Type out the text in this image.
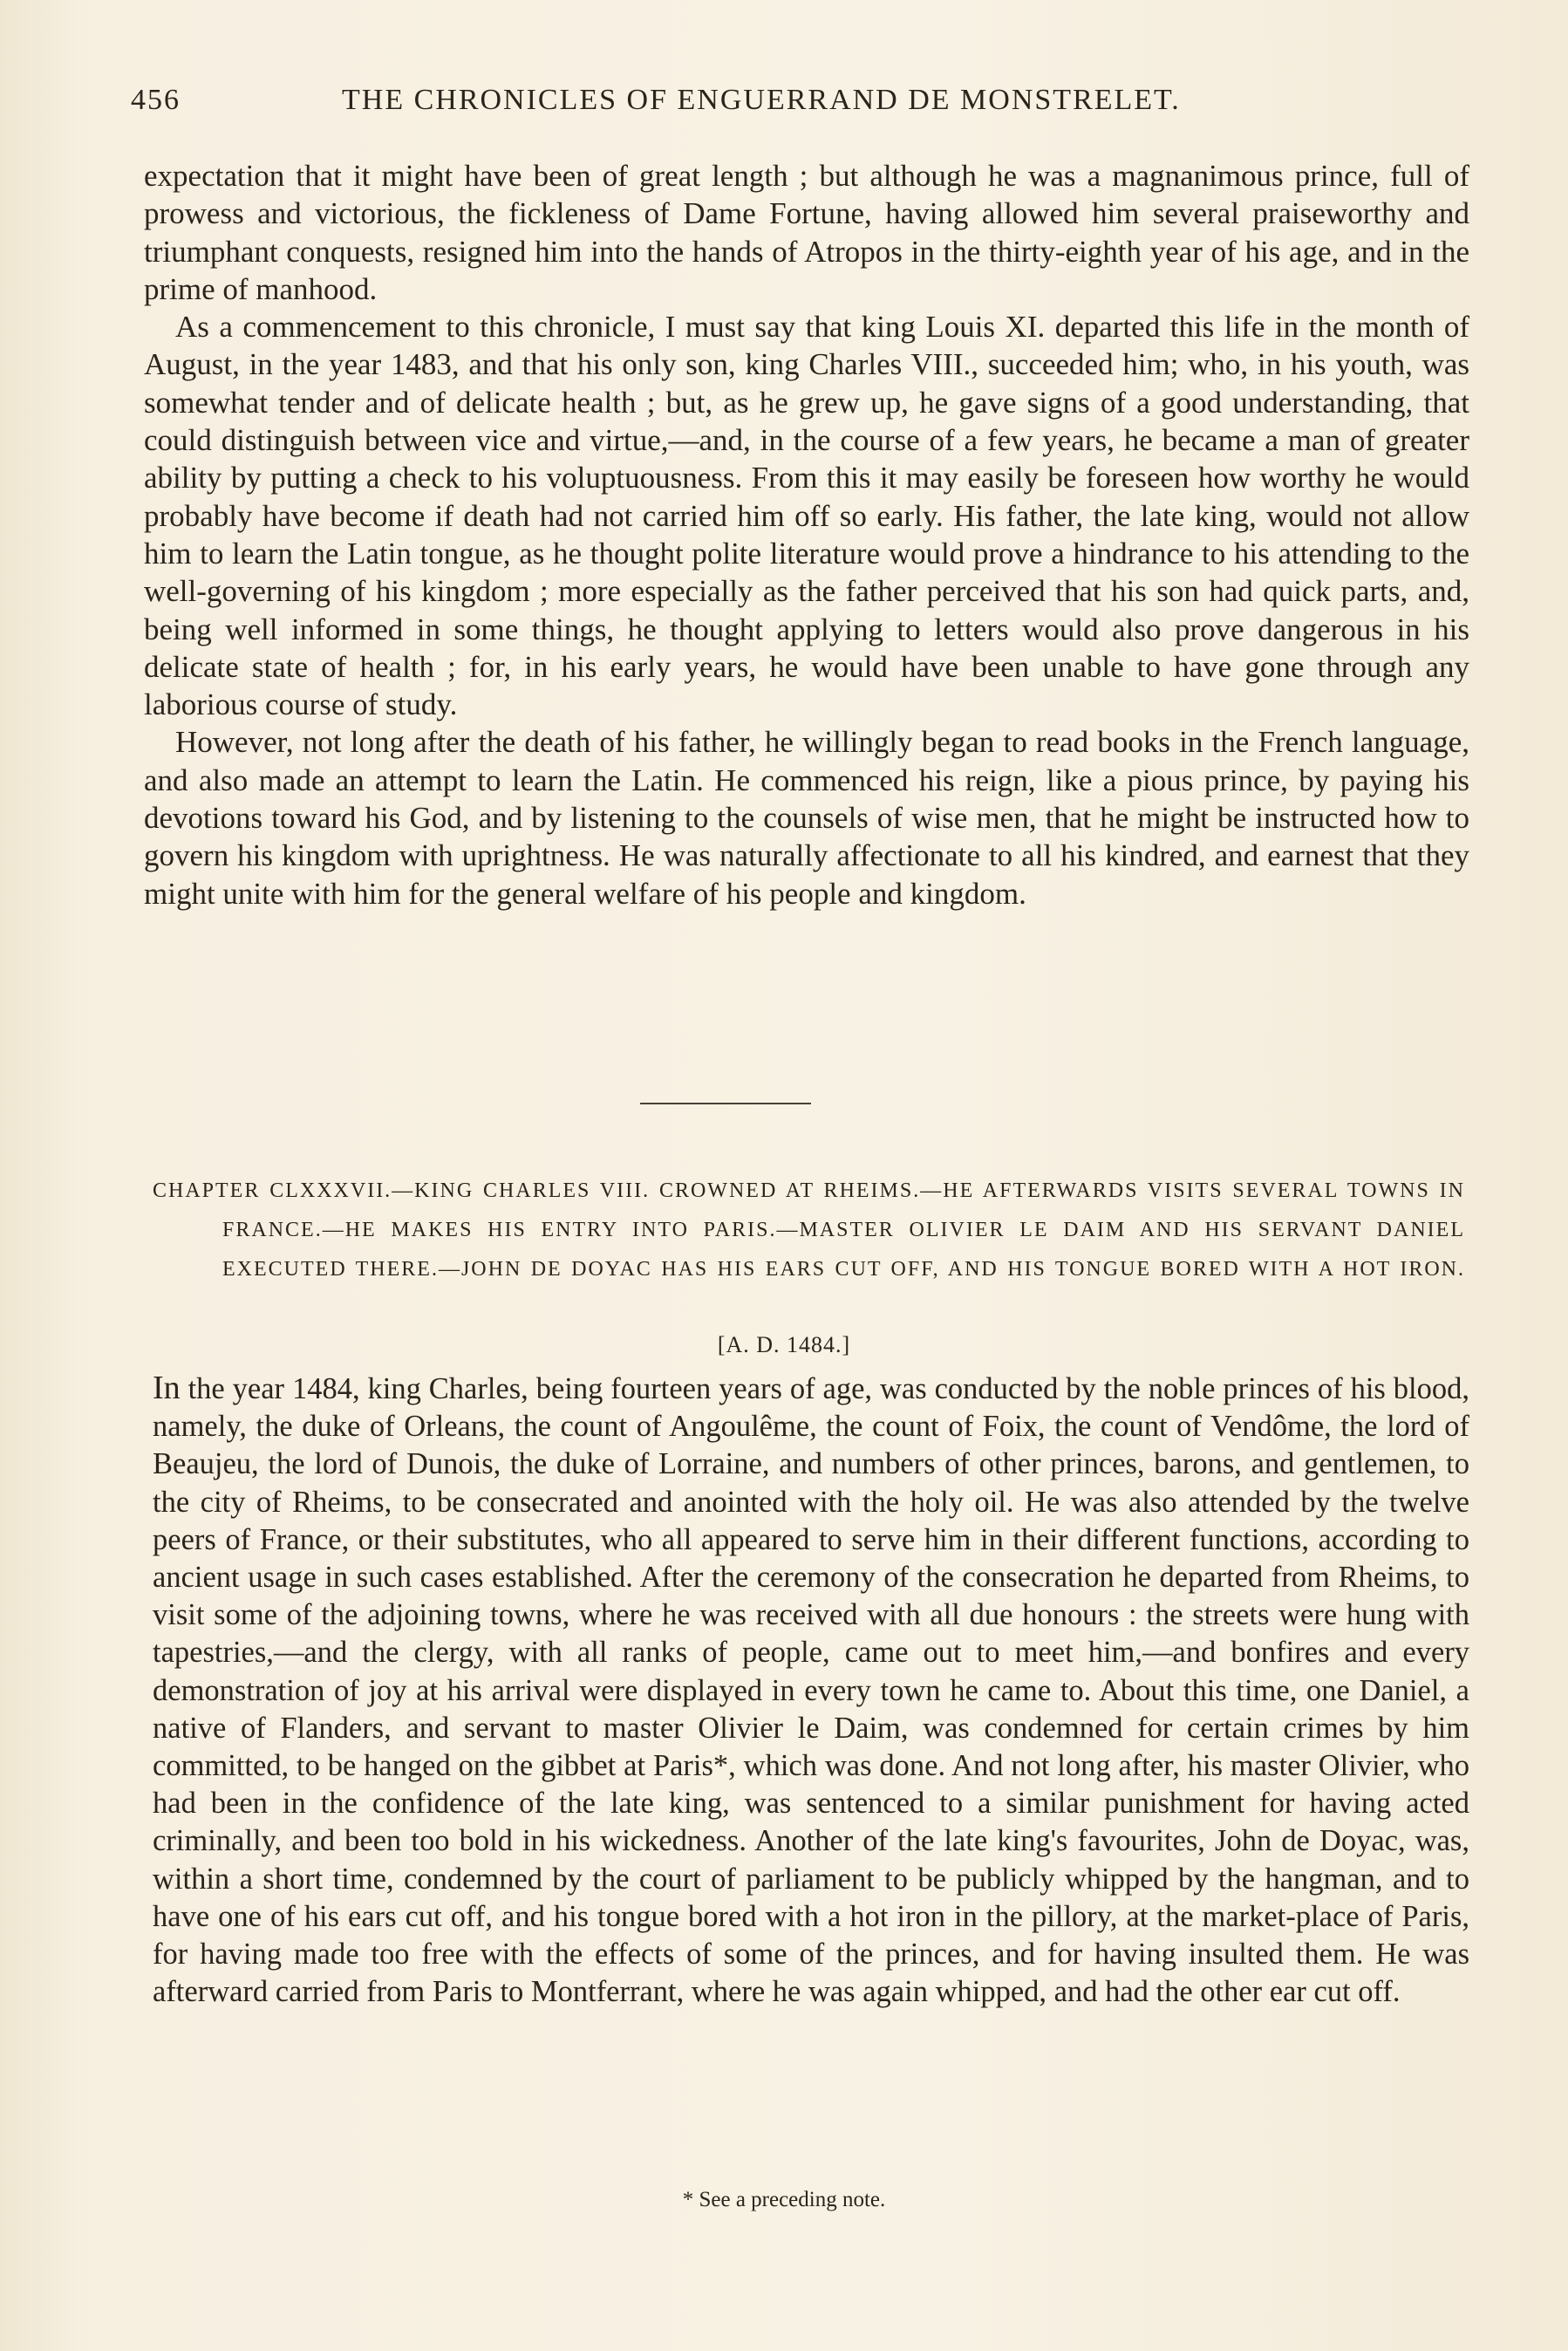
456	THE CHRONICLES OF ENGUERRAND DE MONSTRELET.

expectation that it might have been of great length ; but although he was a magnanimous prince, full of prowess and victorious, the fickleness of Dame Fortune, having allowed him several praiseworthy and triumphant conquests, resigned him into the hands of Atropos in the thirty-eighth year of his age, and in the prime of manhood.

As a commencement to this chronicle, I must say that king Louis XI. departed this life in the month of August, in the year 1483, and that his only son, king Charles VIII., succeeded him; who, in his youth, was somewhat tender and of delicate health ; but, as he grew up, he gave signs of a good understanding, that could distinguish between vice and virtue,—and, in the course of a few years, he became a man of greater ability by putting a check to his voluptuousness. From this it may easily be foreseen how worthy he would probably have become if death had not carried him off so early. His father, the late king, would not allow him to learn the Latin tongue, as he thought polite literature would prove a hindrance to his attending to the well-governing of his kingdom ; more especially as the father perceived that his son had quick parts, and, being well informed in some things, he thought applying to letters would also prove dangerous in his delicate state of health ; for, in his early years, he would have been unable to have gone through any laborious course of study.

However, not long after the death of his father, he willingly began to read books in the French language, and also made an attempt to learn the Latin. He commenced his reign, like a pious prince, by paying his devotions toward his God, and by listening to the counsels of wise men, that he might be instructed how to govern his kingdom with uprightness. He was naturally affectionate to all his kindred, and earnest that they might unite with him for the general welfare of his people and kingdom.

CHAPTER CLXXXVII.—KING CHARLES VIII. CROWNED AT RHEIMS.—HE AFTERWARDS VISITS SEVERAL TOWNS IN FRANCE.—HE MAKES HIS ENTRY INTO PARIS.—MASTER OLIVIER LE DAIM AND HIS SERVANT DANIEL EXECUTED THERE.—JOHN DE DOYAC HAS HIS EARS CUT OFF, AND HIS TONGUE BORED WITH A HOT IRON.
[A. D. 1484.]

In the year 1484, king Charles, being fourteen years of age, was conducted by the noble princes of his blood, namely, the duke of Orleans, the count of Angoulême, the count of Foix, the count of Vendôme, the lord of Beaujeu, the lord of Dunois, the duke of Lorraine, and numbers of other princes, barons, and gentlemen, to the city of Rheims, to be consecrated and anointed with the holy oil. He was also attended by the twelve peers of France, or their substitutes, who all appeared to serve him in their different functions, according to ancient usage in such cases established. After the ceremony of the consecration he departed from Rheims, to visit some of the adjoining towns, where he was received with all due honours : the streets were hung with tapestries,—and the clergy, with all ranks of people, came out to meet him,—and bonfires and every demonstration of joy at his arrival were displayed in every town he came to. About this time, one Daniel, a native of Flanders, and servant to master Olivier le Daim, was condemned for certain crimes by him committed, to be hanged on the gibbet at Paris*, which was done. And not long after, his master Olivier, who had been in the confidence of the late king, was sentenced to a similar punishment for having acted criminally, and been too bold in his wickedness. Another of the late king's favourites, John de Doyac, was, within a short time, condemned by the court of parliament to be publicly whipped by the hangman, and to have one of his ears cut off, and his tongue bored with a hot iron in the pillory, at the market-place of Paris, for having made too free with the effects of some of the princes, and for having insulted them. He was afterward carried from Paris to Montferrant, where he was again whipped, and had the other ear cut off.

* See a preceding note.
